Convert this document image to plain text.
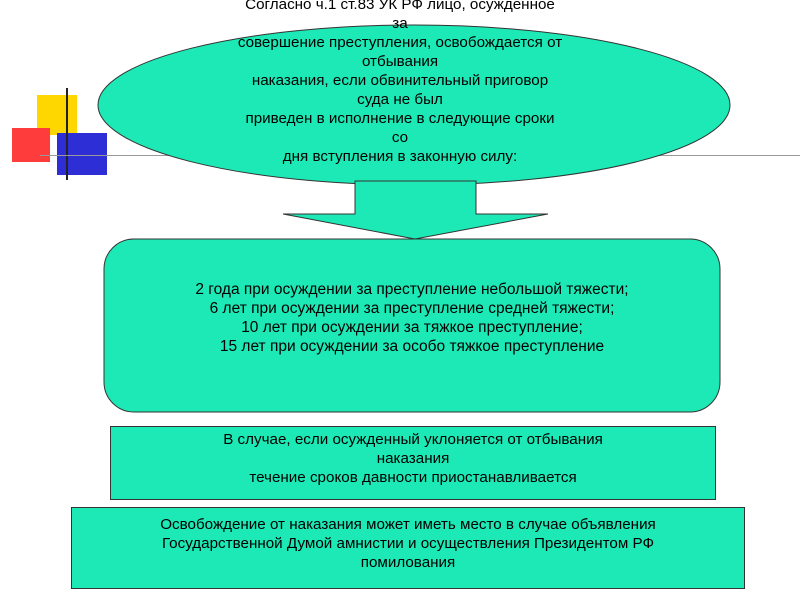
Согласно ч.1 ст.83 УК РФ лицо, осужденное
за
совершение преступления, освобождается от
отбывания
наказания, если обвинительный приговор
суда не был
приведен в исполнение в следующие сроки
со
дня вступления в законную силу:
2 года при осуждении за преступление небольшой тяжести;
6 лет при осуждении за преступление средней тяжести;
10 лет при осуждении за тяжкое преступление;
15 лет при осуждении за особо тяжкое преступление
В случае, если осужденный уклоняется от отбывания
наказания
течение сроков давности приостанавливается
Освобождение от наказания может иметь место в случае объявления
Государственной Думой амнистии и осуществления Президентом РФ
помилования
